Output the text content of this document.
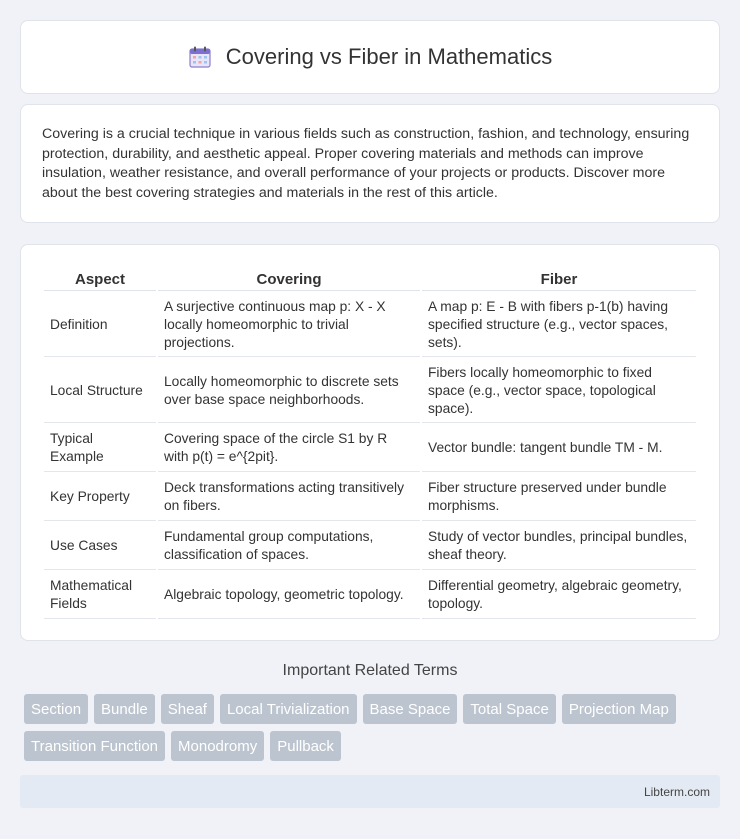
Covering vs Fiber in Mathematics

Covering is a crucial technique in various fields such as construction, fashion, and technology, ensuring protection, durability, and aesthetic appeal. Proper covering materials and methods can improve insulation, weather resistance, and overall performance of your projects or products. Discover more about the best covering strategies and materials in the rest of this article.

Aspect	Covering	Fiber
Definition	A surjective continuous map p: X - X locally homeomorphic to trivial projections.	A map p: E - B with fibers p-1(b) having specified structure (e.g., vector spaces, sets).
Local Structure	Locally homeomorphic to discrete sets over base space neighborhoods.	Fibers locally homeomorphic to fixed space (e.g., vector space, topological space).
Typical Example	Covering space of the circle S1 by R with p(t) = e^{2pit}.	Vector bundle: tangent bundle TM - M.
Key Property	Deck transformations acting transitively on fibers.	Fiber structure preserved under bundle morphisms.
Use Cases	Fundamental group computations, classification of spaces.	Study of vector bundles, principal bundles, sheaf theory.
Mathematical Fields	Algebraic topology, geometric topology.	Differential geometry, algebraic geometry, topology.
Important Related Terms
Section	Bundle	Sheaf	Local Trivialization	Base Space	Total Space	Projection Map
Transition Function	Monodromy	Pullback
Libterm.com
